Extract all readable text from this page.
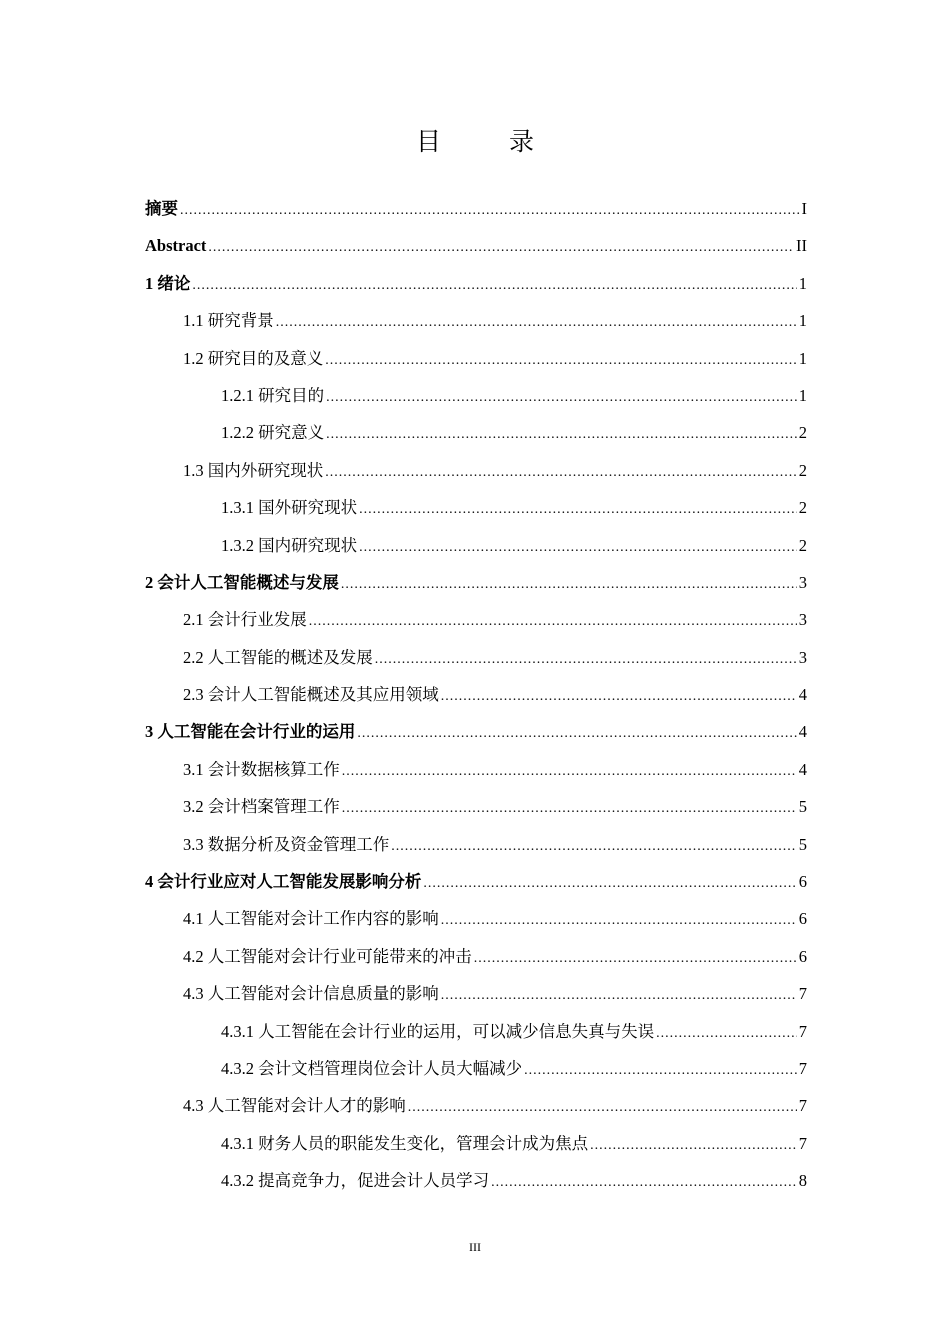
目 录
摘要 .....	I
Abstract .....	II
1 绪论 .....	1
1.1 研究背景 .....	1
1.2 研究目的及意义 .....	1
1.2.1 研究目的 .....	1
1.2.2 研究意义 .....	2
1.3 国内外研究现状 .....	2
1.3.1 国外研究现状 .....	2
1.3.2 国内研究现状 .....	2
2 会计人工智能概述与发展 .....	3
2.1 会计行业发展 .....	3
2.2 人工智能的概述及发展 .....	3
2.3 会计人工智能概述及其应用领域 .....	4
3 人工智能在会计行业的运用 .....	4
3.1 会计数据核算工作 .....	4
3.2 会计档案管理工作 .....	5
3.3 数据分析及资金管理工作 .....	5
4 会计行业应对人工智能发展影响分析 .....	6
4.1 人工智能对会计工作内容的影响 .....	6
4.2 人工智能对会计行业可能带来的冲击 .....	6
4.3 人工智能对会计信息质量的影响 .....	7
4.3.1 人工智能在会计行业的运用，可以减少信息失真与失误 .....	7
4.3.2 会计文档管理岗位会计人员大幅减少 .....	7
4.3 人工智能对会计人才的影响 .....	7
4.3.1 财务人员的职能发生变化，管理会计成为焦点 .....	7
4.3.2 提高竞争力，促进会计人员学习 .....	8
III
